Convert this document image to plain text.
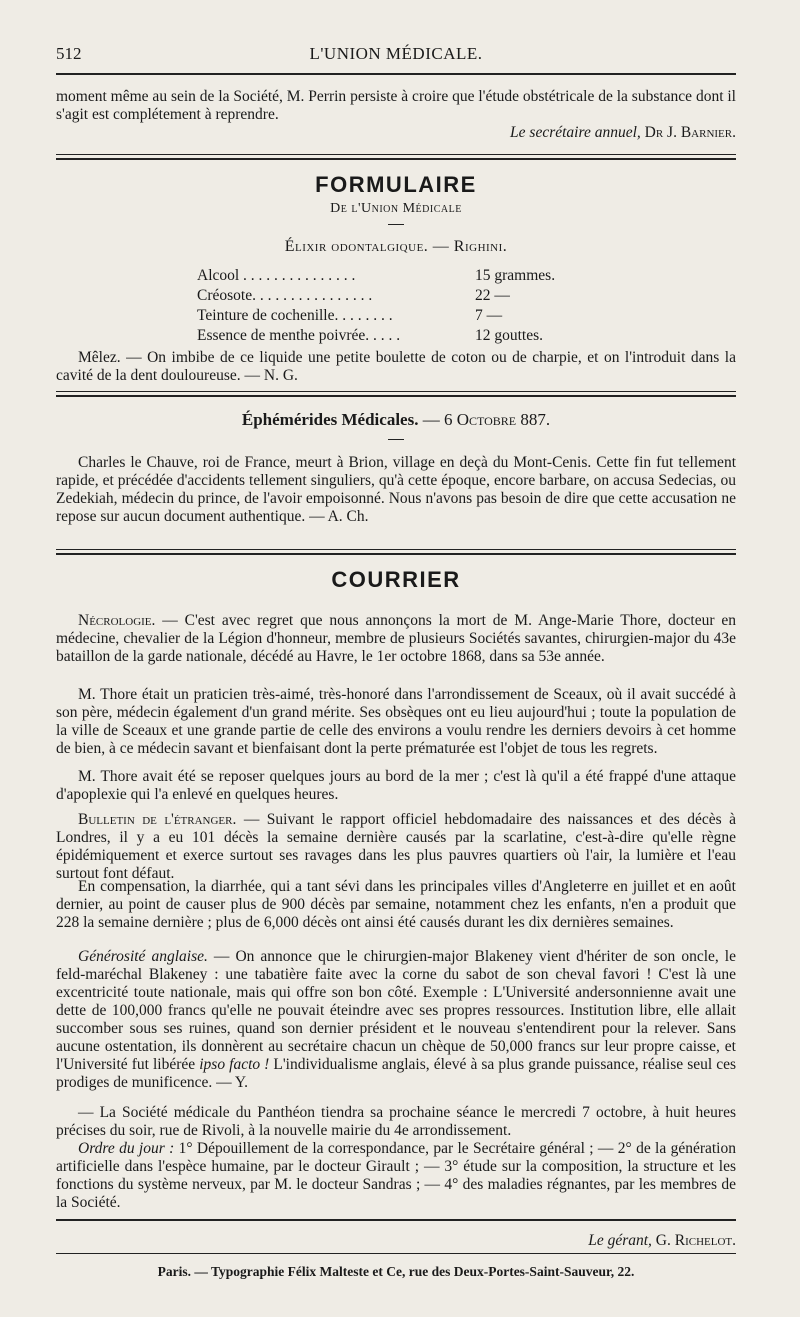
512	L'UNION MÉDICALE.
moment même au sein de la Société, M. Perrin persiste à croire que l'étude obstétricale de la substance dont il s'agit est complétement à reprendre.
Le secrétaire annuel, Dr J. Barnier.
FORMULAIRE
De l'Union Médicale
Élixir odontalgique. — Righini.
Alcool . . . . . . . . . . . . . . .	15 grammes.
Créosote. . . . . . . . . . . . . . . .	22 —
Teinture de cochenille. . . . . . . .	7 —
Essence de menthe poivrée. . . . .	12 gouttes.
Mêlez. — On imbibe de ce liquide une petite boulette de coton ou de charpie, et on l'introduit dans la cavité de la dent douloureuse. — N. G.
Éphémérides Médicales. — 6 Octobre 887.
Charles le Chauve, roi de France, meurt à Brion, village en deçà du Mont-Cenis. Cette fin fut tellement rapide, et précédée d'accidents tellement singuliers, qu'à cette époque, encore barbare, on accusa Sedecias, ou Zedekiah, médecin du prince, de l'avoir empoisonné. Nous n'avons pas besoin de dire que cette accusation ne repose sur aucun document authentique. — A. Ch.
COURRIER
Nécrologie. — C'est avec regret que nous annonçons la mort de M. Ange-Marie Thore, docteur en médecine, chevalier de la Légion d'honneur, membre de plusieurs Sociétés savantes, chirurgien-major du 43e bataillon de la garde nationale, décédé au Havre, le 1er octobre 1868, dans sa 53e année.
M. Thore était un praticien très-aimé, très-honoré dans l'arrondissement de Sceaux, où il avait succédé à son père, médecin également d'un grand mérite. Ses obsèques ont eu lieu aujourd'hui ; toute la population de la ville de Sceaux et une grande partie de celle des environs a voulu rendre les derniers devoirs à cet homme de bien, à ce médecin savant et bienfaisant dont la perte prématurée est l'objet de tous les regrets.
M. Thore avait été se reposer quelques jours au bord de la mer ; c'est là qu'il a été frappé d'une attaque d'apoplexie qui l'a enlevé en quelques heures.
Bulletin de l'étranger. — Suivant le rapport officiel hebdomadaire des naissances et des décès à Londres, il y a eu 101 décès la semaine dernière causés par la scarlatine, c'est-à-dire qu'elle règne épidémiquement et exerce surtout ses ravages dans les plus pauvres quartiers où l'air, la lumière et l'eau surtout font défaut.
En compensation, la diarrhée, qui a tant sévi dans les principales villes d'Angleterre en juillet et en août dernier, au point de causer plus de 900 décès par semaine, notamment chez les enfants, n'en a produit que 228 la semaine dernière ; plus de 6,000 décès ont ainsi été causés durant les dix dernières semaines.
Générosité anglaise. — On annonce que le chirurgien-major Blakeney vient d'hériter de son oncle, le feld-maréchal Blakeney : une tabatière faite avec la corne du sabot de son cheval favori ! C'est là une excentricité toute nationale, mais qui offre son bon côté. Exemple : L'Université andersonnienne avait une dette de 100,000 francs qu'elle ne pouvait éteindre avec ses propres ressources. Institution libre, elle allait succomber sous ses ruines, quand son dernier président et le nouveau s'entendirent pour la relever. Sans aucune ostentation, ils donnèrent au secrétaire chacun un chèque de 50,000 francs sur leur propre caisse, et l'Université fut libérée ipso facto ! L'individualisme anglais, élevé à sa plus grande puissance, réalise seul ces prodiges de munificence. — Y.
— La Société médicale du Panthéon tiendra sa prochaine séance le mercredi 7 octobre, à huit heures précises du soir, rue de Rivoli, à la nouvelle mairie du 4e arrondissement.
Ordre du jour : 1° Dépouillement de la correspondance, par le Secrétaire général ; — 2° de la génération artificielle dans l'espèce humaine, par le docteur Girault ; — 3° étude sur la composition, la structure et les fonctions du système nerveux, par M. le docteur Sandras ; — 4° des maladies régnantes, par les membres de la Société.
Le gérant, G. Richelot.
Paris. — Typographie Félix Malteste et Ce, rue des Deux-Portes-Saint-Sauveur, 22.
